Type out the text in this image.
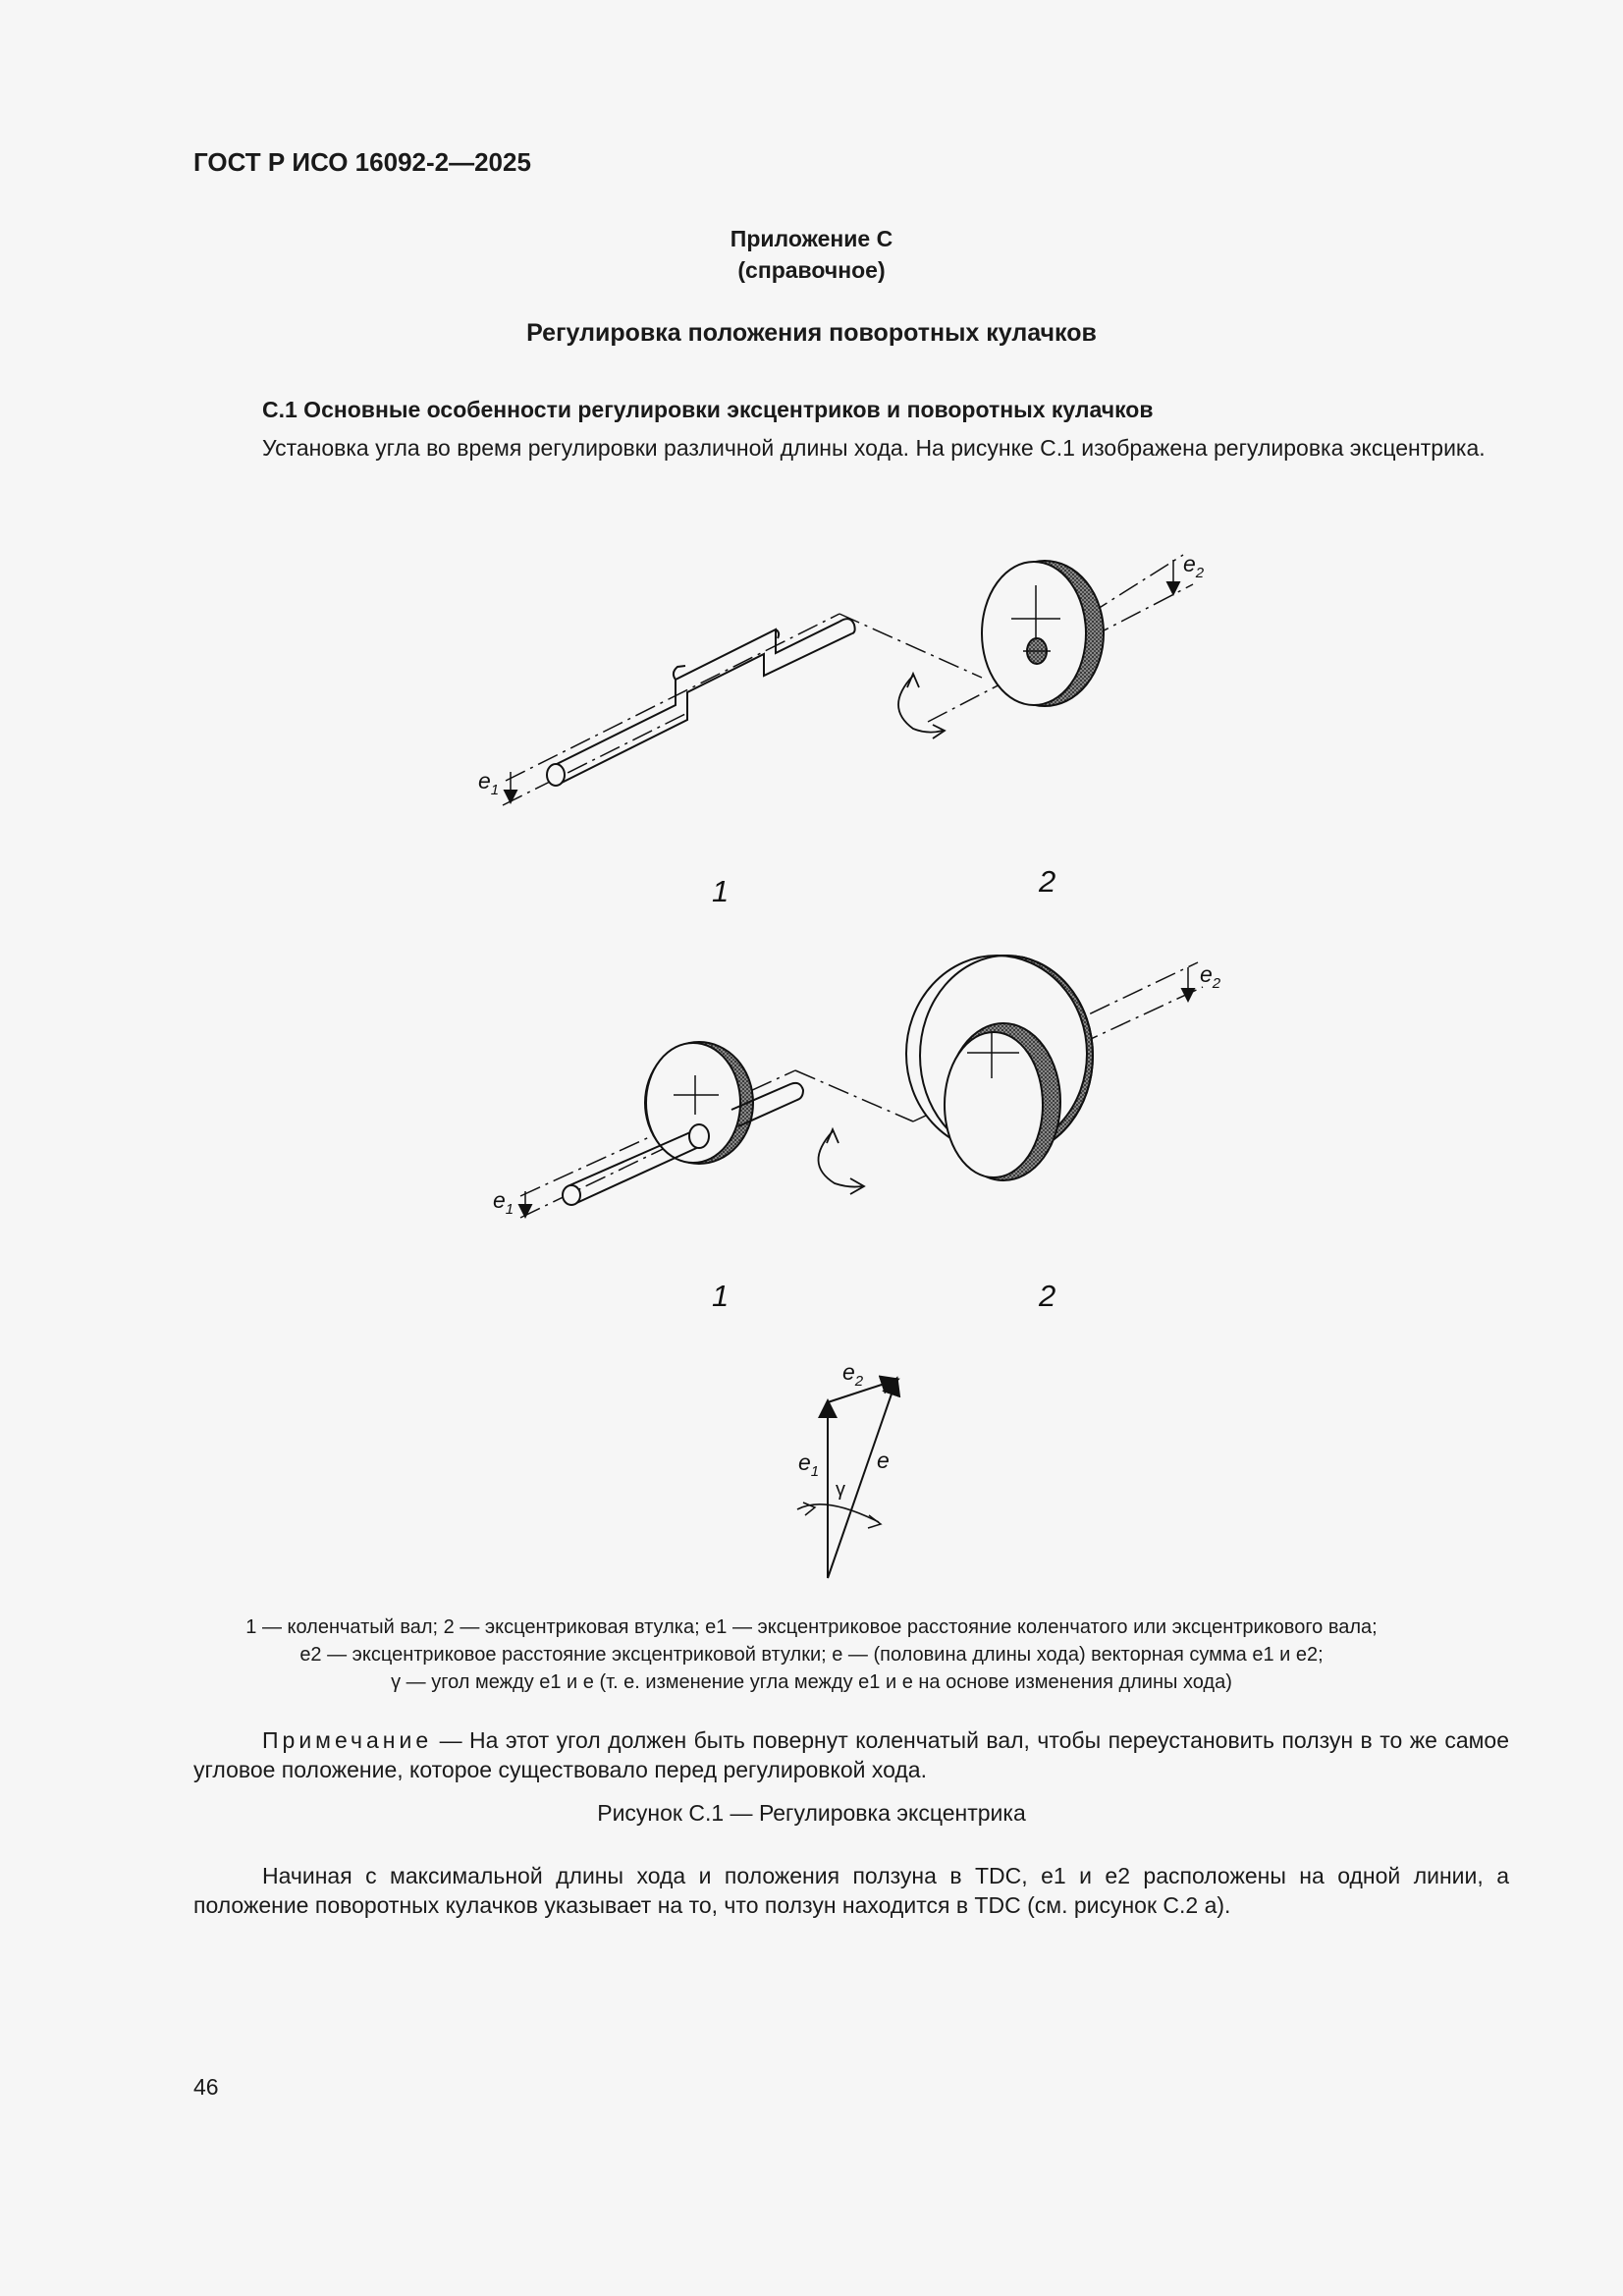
ГОСТ Р ИСО 16092-2—2025
Приложение С
(справочное)
Регулировка положения поворотных кулачков
С.1 Основные особенности регулировки эксцентриков и поворотных кулачков
Установка угла во время регулировки различной длины хода. На рисунке С.1 изображена регулировка эксцентрика.
$e_1$
$e_2$
1	2
$e_1$
$e_2$
1	2
$e_2$
$e_1$	e
γ
1 — коленчатый вал; 2 — эксцентриковая втулка; e1 — эксцентриковое расстояние коленчатого или эксцентрикового вала;
e2 — эксцентриковое расстояние эксцентриковой втулки; e — (половина длины хода) векторная сумма e1 и e2;
γ — угол между e1 и e (т. е. изменение угла между e1 и e на основе изменения длины хода)
Примечание — На этот угол должен быть повернут коленчатый вал, чтобы переустановить ползун в то же самое угловое положение, которое существовало перед регулировкой хода.
Рисунок С.1 — Регулировка эксцентрика
Начиная с максимальной длины хода и положения ползуна в TDC, e1 и e2 расположены на одной линии, а положение поворотных кулачков указывает на то, что ползун находится в TDC (см. рисунок С.2 а).
46
